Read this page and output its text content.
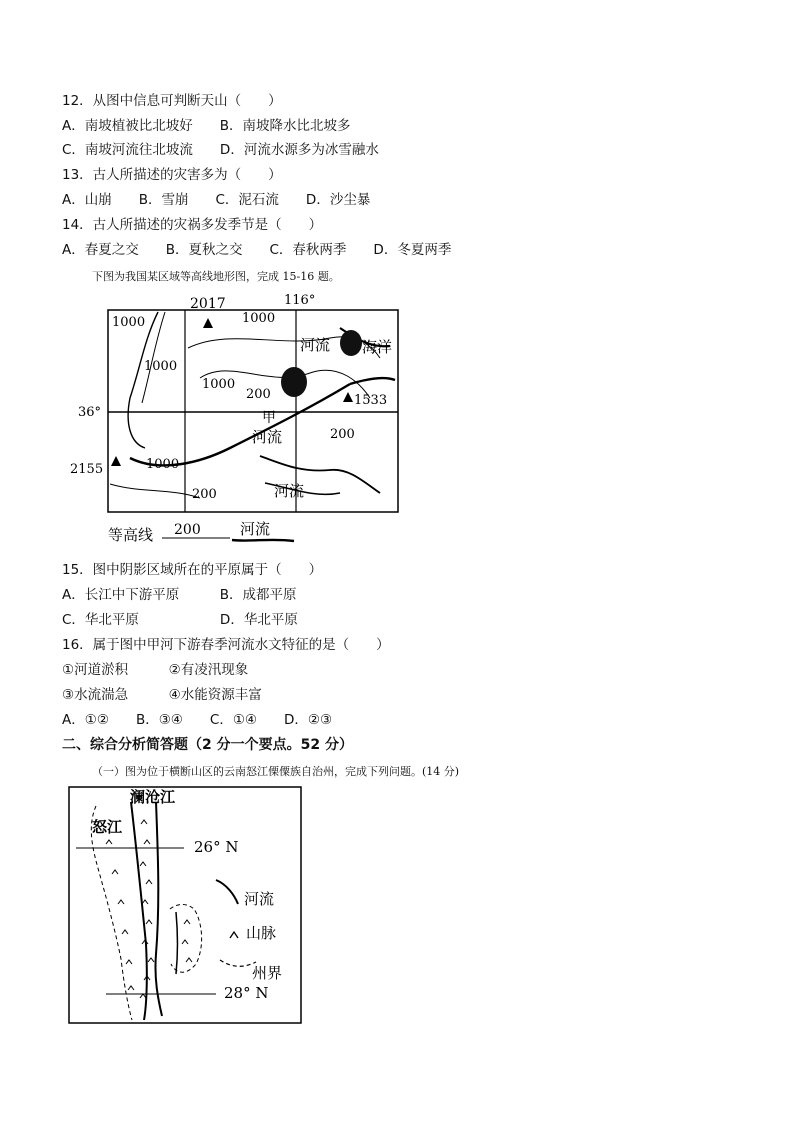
12．从图中信息可判断天山（　　）
A．南坡植被比北坡好　　B．南坡降水比北坡多
C．南坡河流往北坡流　　D．河流水源多为冰雪融水
13．古人所描述的灾害多为（　　）
A．山崩　　B．雪崩　　C．泥石流　　D．沙尘暴
14．古人所描述的灾祸多发季节是（　　）
A．春夏之交　　B．夏秋之交　　C．春秋两季　　D．冬夏两季
下图为我国某区域等高线地形图，完成 15-16 题。
2017	116°
1000	1000
1000
1000
1000
河流 海洋
200	1533
36°	甲
河流	200
2155
200	河流
等高线 200	河流
15．图中阴影区域所在的平原属于（　　）
A．长江中下游平原　　　B．成都平原
C．华北平原　　　　　　D．华北平原
16．属于图中甲河下游春季河流水文特征的是（　　）
①河道淤积　　　②有凌汛现象
③水流湍急　　　④水能资源丰富
A．①②　　B．③④　　C．①④　　D．②③
二、综合分析简答题（2 分一个要点。52 分）
（一）图为位于横断山区的云南怒江傈僳族自治州，完成下列问题。(14 分)
澜沧江
怒江
26° N
28° N
河流
山脉
州界
